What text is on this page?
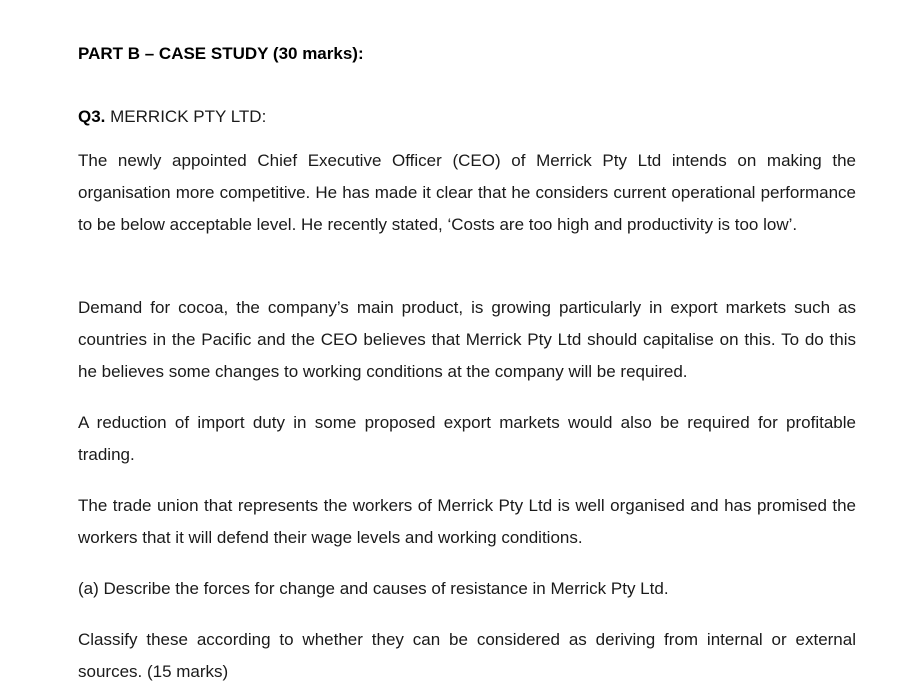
PART B – CASE STUDY (30 marks):

Q3. MERRICK PTY LTD:

The newly appointed Chief Executive Officer (CEO) of Merrick Pty Ltd intends on making the organisation more competitive. He has made it clear that he considers current operational performance to be below acceptable level. He recently stated, ‘Costs are too high and productivity is too low’.

Demand for cocoa, the company’s main product, is growing particularly in export markets such as countries in the Pacific and the CEO believes that Merrick Pty Ltd should capitalise on this. To do this he believes some changes to working conditions at the company will be required.

A reduction of import duty in some proposed export markets would also be required for profitable trading.

The trade union that represents the workers of Merrick Pty Ltd is well organised and has promised the workers that it will defend their wage levels and working conditions.

(a) Describe the forces for change and causes of resistance in Merrick Pty Ltd.

Classify these according to whether they can be considered as deriving from internal or external sources. (15 marks)
